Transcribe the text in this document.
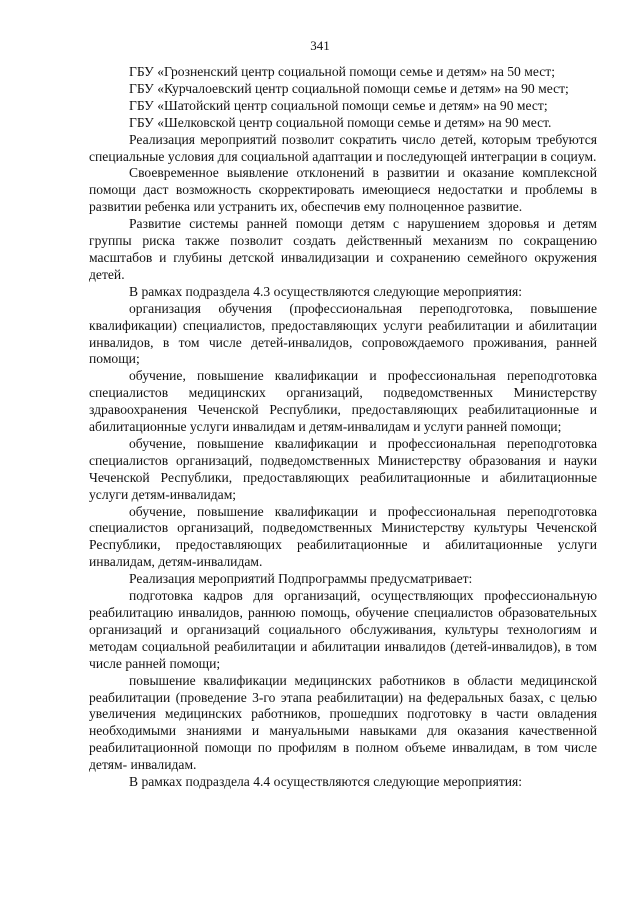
341

ГБУ «Грозненский центр социальной помощи семье и детям» на 50 мест;

ГБУ «Курчалоевский центр социальной помощи семье и детям» на 90 мест;

ГБУ «Шатойский центр социальной помощи семье и детям» на 90 мест;

ГБУ «Шелковской центр социальной помощи семье и детям» на 90 мест.

Реализация мероприятий позволит сократить число детей, которым требуются специальные условия для социальной адаптации и последующей интеграции в социум.

Своевременное выявление отклонений в развитии и оказание комплексной помощи даст возможность скорректировать имеющиеся недостатки и проблемы в развитии ребенка или устранить их, обеспечив ему полноценное развитие.

Развитие системы ранней помощи детям с нарушением здоровья и детям группы риска также позволит создать действенный механизм по сокращению масштабов и глубины детской инвалидизации и сохранению семейного окружения детей.

В рамках подраздела 4.3 осуществляются следующие мероприятия:

организация обучения (профессиональная переподготовка, повышение квалификации) специалистов, предоставляющих услуги реабилитации и абилитации инвалидов, в том числе детей-инвалидов, сопровождаемого проживания, ранней помощи;

обучение, повышение квалификации и профессиональная переподготовка специалистов медицинских организаций, подведомственных Министерству здравоохранения Чеченской Республики, предоставляющих реабилитационные и абилитационные услуги инвалидам и детям-инвалидам и услуги ранней помощи;

обучение, повышение квалификации и профессиональная переподготовка специалистов организаций, подведомственных Министерству образования и науки Чеченской Республики, предоставляющих реабилитационные и абилитационные услуги детям-инвалидам;

обучение, повышение квалификации и профессиональная переподготовка специалистов организаций, подведомственных Министерству культуры Чеченской Республики, предоставляющих реабилитационные и абилитационные услуги инвалидам, детям-инвалидам.

Реализация мероприятий Подпрограммы предусматривает:

подготовка кадров для организаций, осуществляющих профессиональную реабилитацию инвалидов, раннюю помощь, обучение специалистов образовательных организаций и организаций социального обслуживания, культуры технологиям и методам социальной реабилитации и абилитации инвалидов (детей-инвалидов), в том числе ранней помощи;

повышение квалификации медицинских работников в области медицинской реабилитации (проведение 3-го этапа реабилитации) на федеральных базах, с целью увеличения медицинских работников, прошедших подготовку в части овладения необходимыми знаниями и мануальными навыками для оказания качественной реабилитационной помощи по профилям в полном объеме инвалидам, в том числе детям- инвалидам.

В рамках подраздела 4.4 осуществляются следующие мероприятия:
